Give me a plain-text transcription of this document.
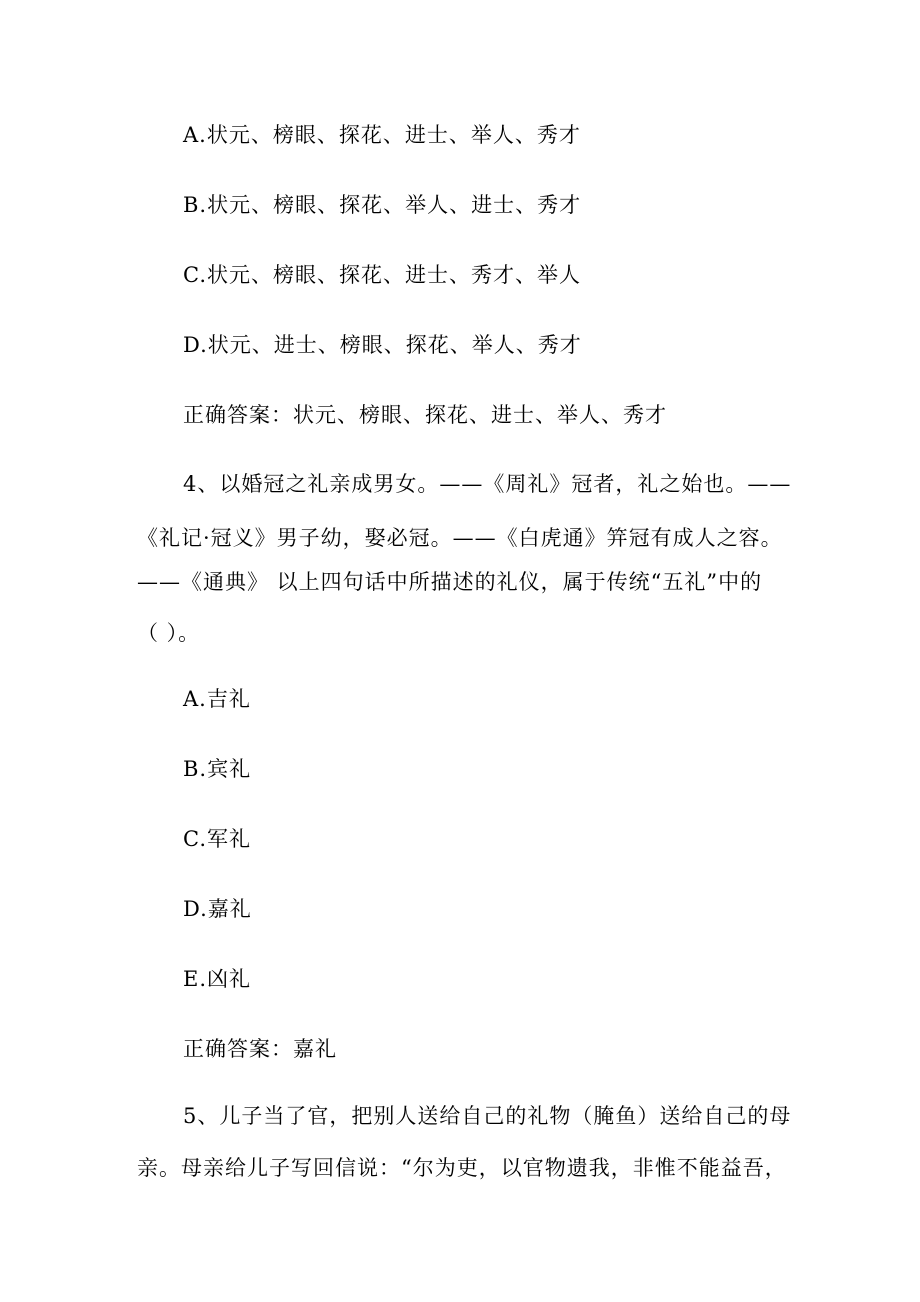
A.状元、榜眼、探花、进士、举人、秀才
B.状元、榜眼、探花、举人、进士、秀才
C.状元、榜眼、探花、进士、秀才、举人
D.状元、进士、榜眼、探花、举人、秀才
正确答案：状元、榜眼、探花、进士、举人、秀才
4、以婚冠之礼亲成男女。——《周礼》冠者，礼之始也。——
《礼记·冠义》男子幼，娶必冠。——《白虎通》笄冠有成人之容。
——《通典》 以上四句话中所描述的礼仪，属于传统“五礼”中的
（ ）。
A.吉礼
B.宾礼
C.军礼
D.嘉礼
E.凶礼
正确答案：嘉礼
5、儿子当了官，把别人送给自己的礼物（腌鱼）送给自己的母
亲。母亲给儿子写回信说：“尔为吏，以官物遗我，非惟不能益吾，
